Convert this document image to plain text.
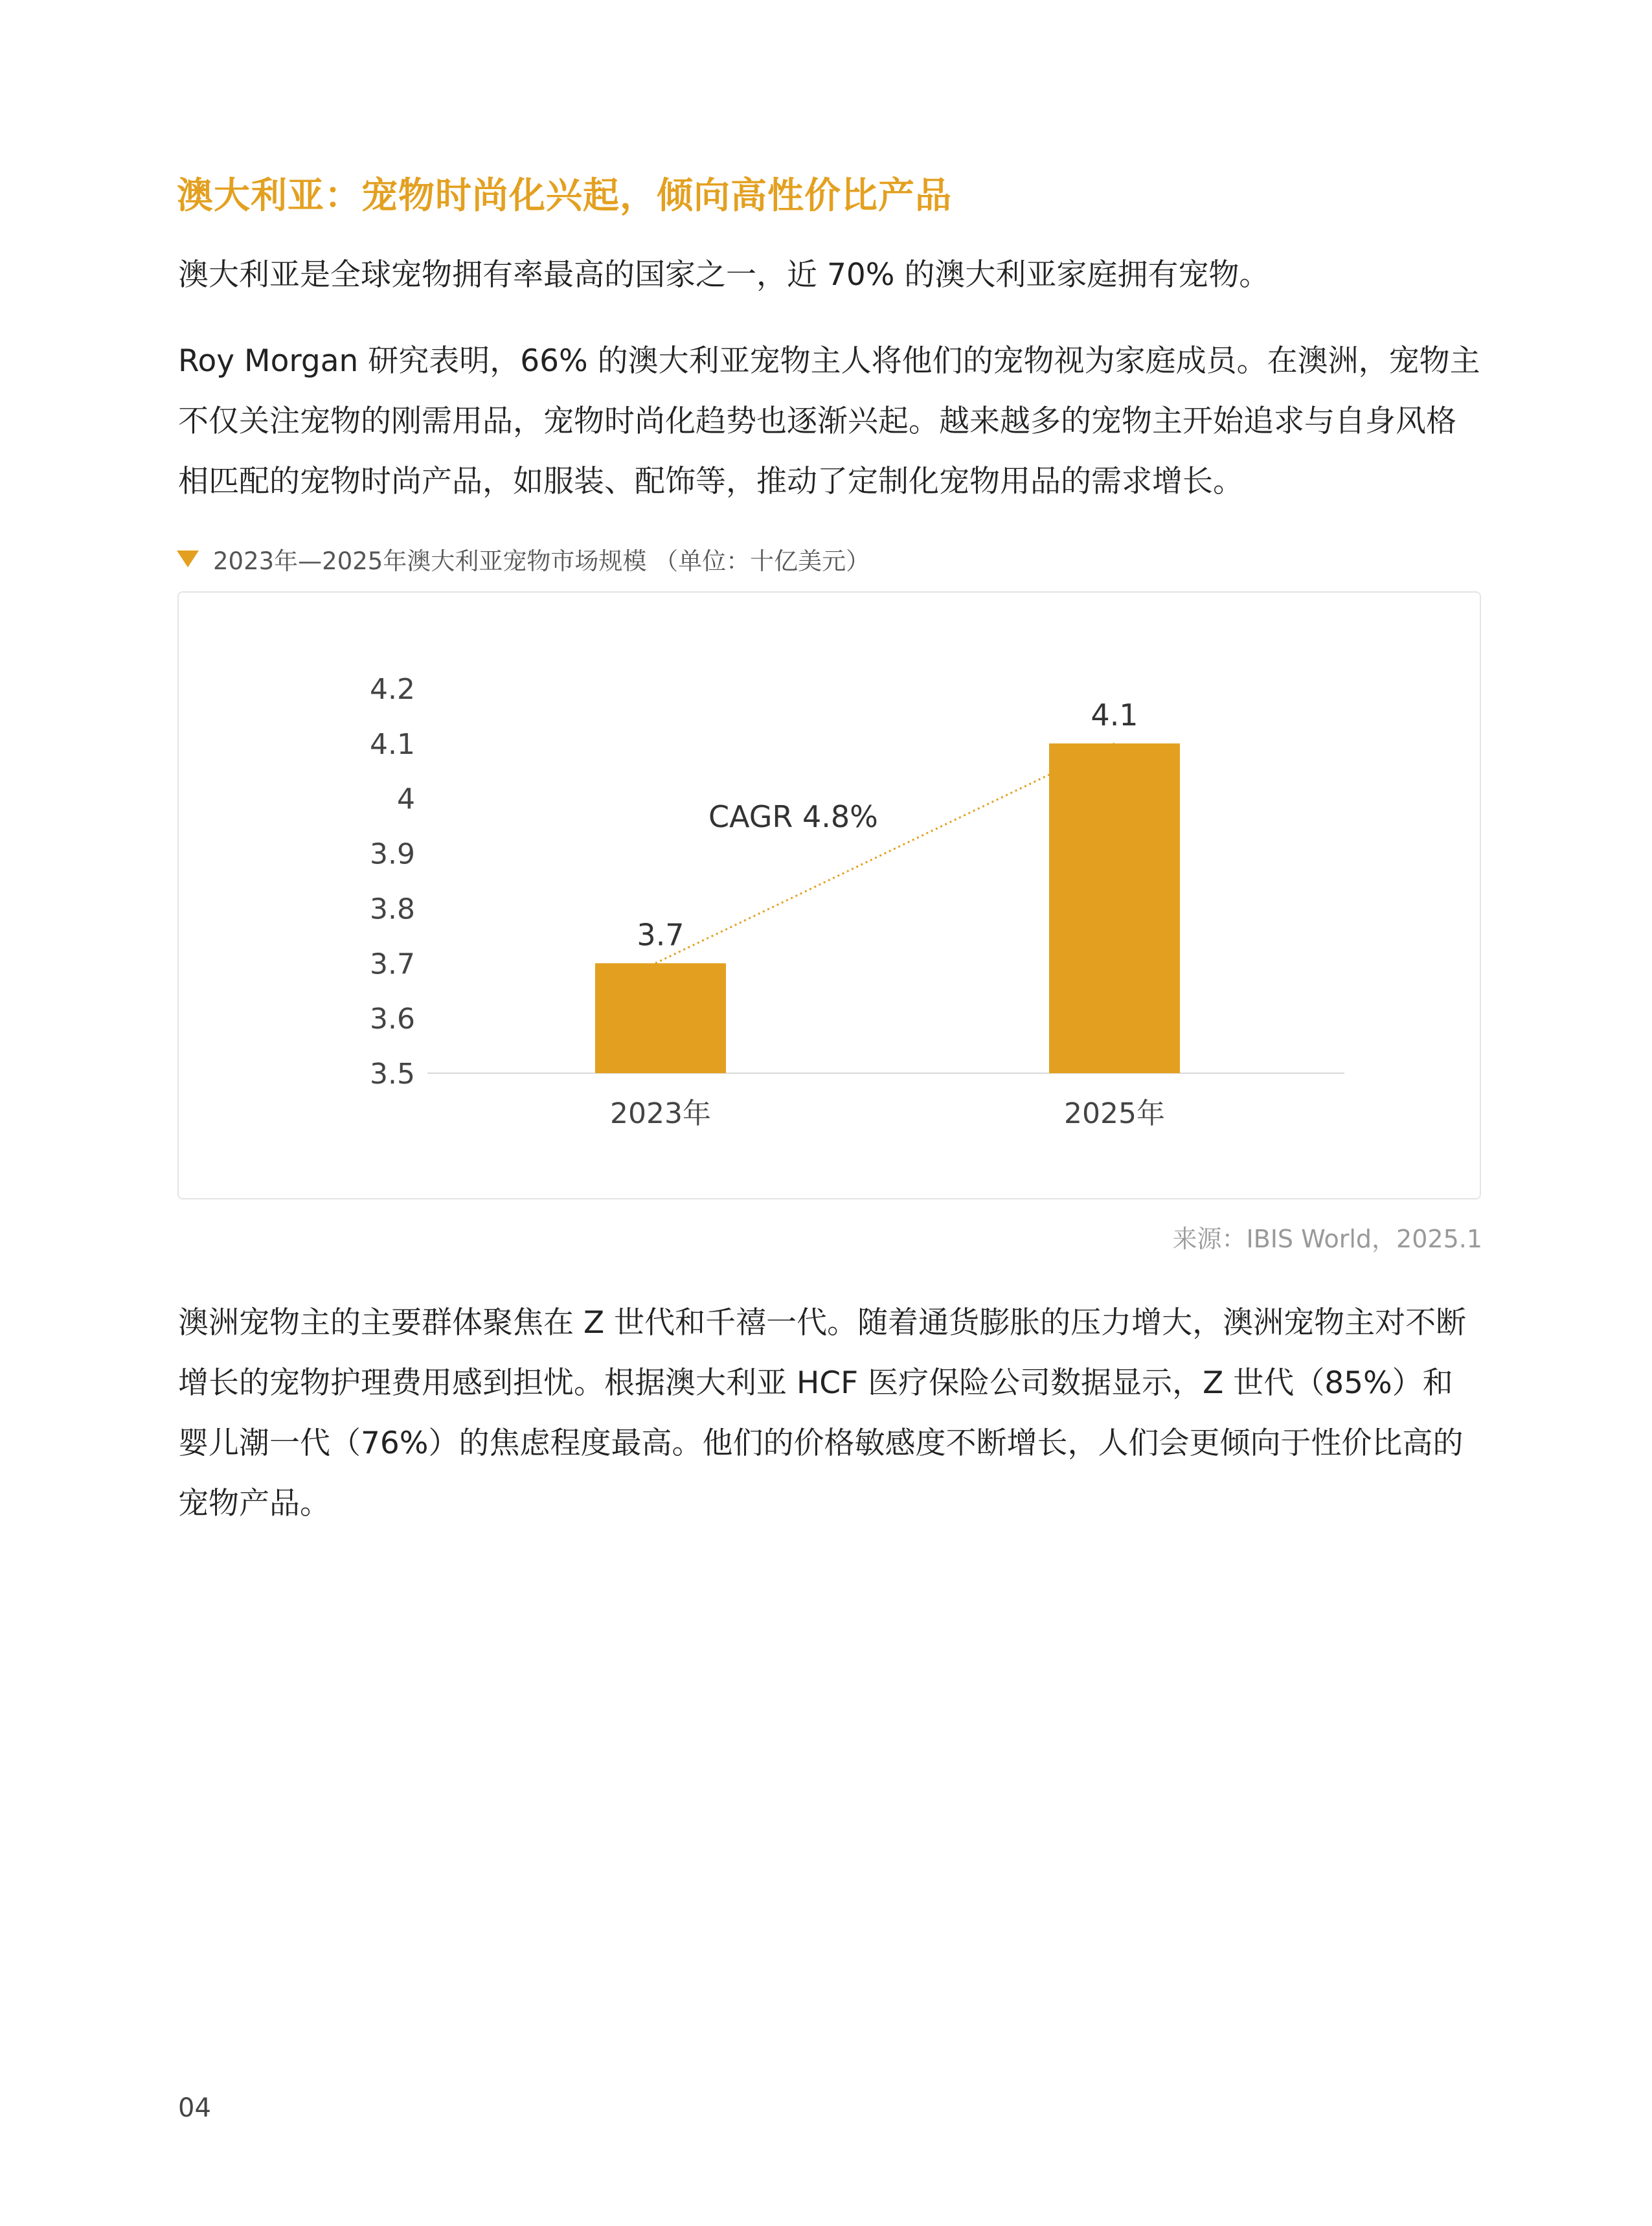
澳大利亚：宠物时尚化兴起，倾向高性价比产品

澳大利亚是全球宠物拥有率最高的国家之一，近 70% 的澳大利亚家庭拥有宠物。

Roy Morgan 研究表明，66% 的澳大利亚宠物主人将他们的宠物视为家庭成员。在澳洲，宠物主不仅关注宠物的刚需用品，宠物时尚化趋势也逐渐兴起。越来越多的宠物主开始追求与自身风格相匹配的宠物时尚产品，如服装、配饰等，推动了定制化宠物用品的需求增长。

2023年—2025年澳大利亚宠物市场规模 （单位：十亿美元）
3.5
3.6
3.7
3.8
3.9
4
4.1
4.2
3.7
2023年
4.1
2025年
CAGR 4.8%
来源：IBIS World，2025.1

澳洲宠物主的主要群体聚焦在 Z 世代和千禧一代。随着通货膨胀的压力增大，澳洲宠物主对不断增长的宠物护理费用感到担忧。根据澳大利亚 HCF 医疗保险公司数据显示，Z 世代（85%）和婴儿潮一代（76%）的焦虑程度最高。他们的价格敏感度不断增长，人们会更倾向于性价比高的宠物产品。

04
